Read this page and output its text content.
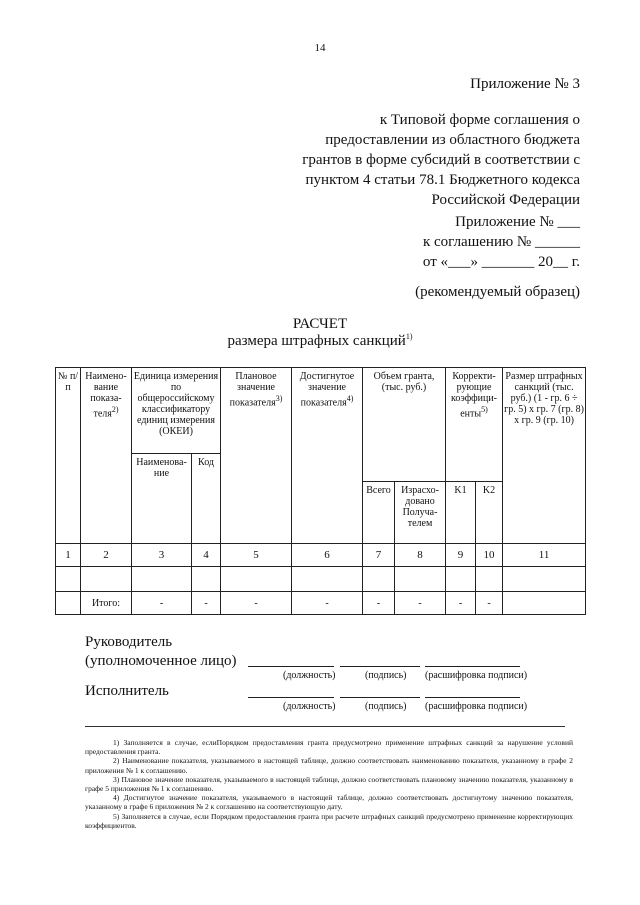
14
Приложение № 3
к Типовой форме соглашения о
предоставлении из областного бюджета
грантов в форме субсидий в соответствии с
пунктом 4 статьи 78.1 Бюджетного кодекса
Российской Федерации
Приложение № ___
к соглашению № ______
от «___» _______ 20__ г.
(рекомендуемый образец)
РАСЧЕТ
размера штрафных санкций$^{1)}$
№ п/п	Наимено-вание показа-теля$^{2)}$	Единица измерения по общероссийскому классификатору единиц измерения (ОКЕИ)		Плановое значение показателя$^{3)}$	Достигнутое значение показателя$^{4)}$	Объем гранта, (тыс. руб.)		Корректи-рующие коэффици-енты$^{5)}$		Размер штрафных санкций (тыс. руб.) (1 - гр. 6 ÷ гр. 5) х гр. 7 (гр. 8) х гр. 9 (гр. 10)
		Наименова-ние	Код							
						Всего	Израсхо-довано Получа-телем	K1	K2	
1	2	3	4	5	6	7	8	9	10	11

	Итого:	-	-	-	-	-	-	-	-	
Руководитель
(уполномоченное лицо)
(должность)	(подпись) (расшифровка подписи)
Исполнитель
(должность)	(подпись) (расшифровка подписи)

1) Заполняется в случае, еслиПорядком предоставления гранта предусмотрено применение штрафных санкций за нарушение условий предоставления гранта.

2) Наименование показателя, указываемого в настоящей таблице, должно соответствовать наименованию показателя, указанному в графе 2 приложения № 1 к соглашению.

3) Плановое значение показателя, указываемого в настоящей таблице, должно соответствовать плановому значению показателя, указанному в графе 5 приложения № 1 к соглашению.

4) Достигнутое значение показателя, указываемого в настоящей таблице, должно соответствовать достигнутому значению показателя, указанному в графе 6 приложения № 2 к соглашению на соответствующую дату.

5) Заполняется в случае, если Порядком предоставления гранта при расчете штрафных санкций предусмотрено применение корректирующих коэффициентов.
